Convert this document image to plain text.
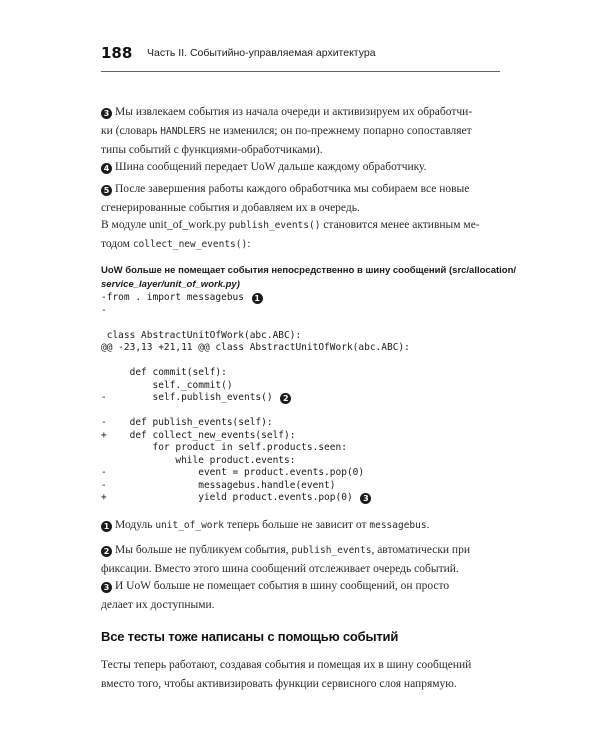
188 Часть II. Событийно-управляемая архитектура
3 Мы извлекаем события из начала очереди и активизируем их обработчи-
ки (словарь HANDLERS не изменился; он по-прежнему попарно сопоставляет
типы событий с функциями-обработчиками).
4 Шина сообщений передает UoW дальше каждому обработчику.
5 После завершения работы каждого обработчика мы собираем все новые
сгенерированные события и добавляем их в очередь.
В модуле unit_of_work.py publish_events() становится менее активным ме-
тодом collect_new_events():
UoW больше не помещает события непосредственно в шину сообщений (src/allocation/
service_layer/unit_of_work.py)
-from . import messagebus 1
-
class AbstractUnitOfWork(abc.ABC):
@@ -23,13 +21,11 @@ class AbstractUnitOfWork(abc.ABC):
def commit(self):
self._commit()
-        self.publish_events() 2
-    def publish_events(self):
+    def collect_new_events(self):
for product in self.products.seen:
while product.events:
-                event = product.events.pop(0)
-                messagebus.handle(event)
+                yield product.events.pop(0) 3
1 Модуль unit_of_work теперь больше не зависит от messagebus.
2 Мы больше не публикуем события, publish_events, автоматически при
фиксации. Вместо этого шина сообщений отслеживает очередь событий.
3 И UoW больше не помещает события в шину сообщений, он просто
делает их доступными.
Все тесты тоже написаны с помощью событий
Тесты теперь работают, создавая события и помещая их в шину сообщений
вместо того, чтобы активизировать функции сервисного слоя напрямую.
